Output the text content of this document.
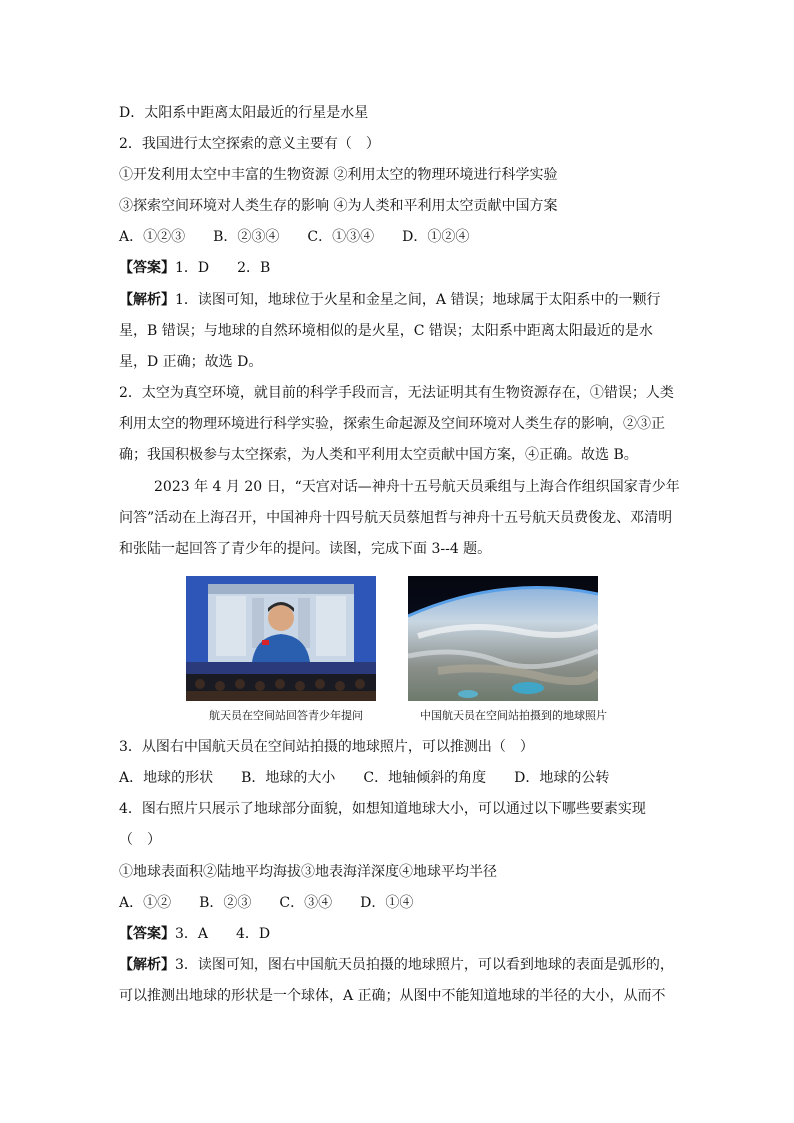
D．太阳系中距离太阳最近的行星是水星
2．我国进行太空探索的意义主要有（　）
①开发利用太空中丰富的生物资源 ②利用太空的物理环境进行科学实验
③探索空间环境对人类生存的影响 ④为人类和平利用太空贡献中国方案
A．①②③　　B．②③④　　C．①③④　　D．①②④
【答案】1．D　　2．B
【解析】1．读图可知，地球位于火星和金星之间，A 错误；地球属于太阳系中的一颗行
星，B 错误；与地球的自然环境相似的是火星，C 错误；太阳系中距离太阳最近的是水
星，D 正确；故选 D。
2．太空为真空环境，就目前的科学手段而言，无法证明其有生物资源存在，①错误；人类
利用太空的物理环境进行科学实验，探索生命起源及空间环境对人类生存的影响，②③正
确；我国积极参与太空探索，为人类和平利用太空贡献中国方案，④正确。故选 B。
2023 年 4 月 20 日，“天宫对话—神舟十五号航天员乘组与上海合作组织国家青少年
问答”活动在上海召开，中国神舟十四号航天员蔡旭哲与神舟十五号航天员费俊龙、邓清明
和张陆一起回答了青少年的提问。读图，完成下面 3--4 题。
航天员在空间站回答青少年提问	中国航天员在空间站拍摄到的地球照片
3．从图右中国航天员在空间站拍摄的地球照片，可以推测出（　）
A．地球的形状　　B．地球的大小　　C．地轴倾斜的角度　　D．地球的公转
4．图右照片只展示了地球部分面貌，如想知道地球大小，可以通过以下哪些要素实现
（　）
①地球表面积②陆地平均海拔③地表海洋深度④地球平均半径
A．①②　　B．②③　　C．③④　　D．①④
【答案】3．A　　4．D
【解析】3．读图可知，图右中国航天员拍摄的地球照片，可以看到地球的表面是弧形的，
可以推测出地球的形状是一个球体，A 正确；从图中不能知道地球的半径的大小，从而不
